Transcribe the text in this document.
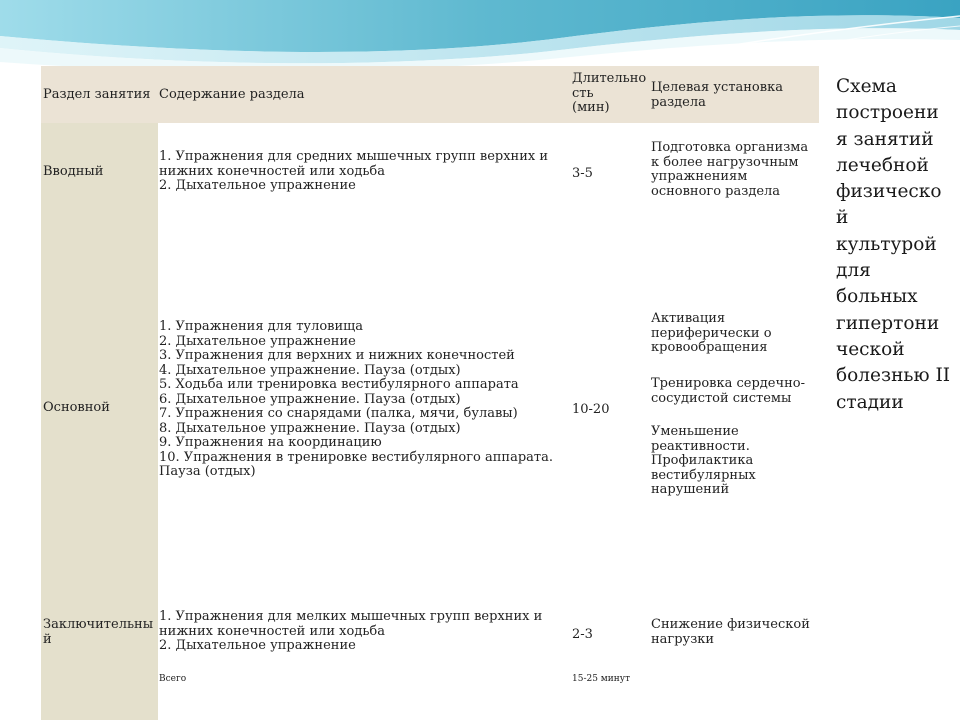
Раздел занятия Содержание раздела
Длительно
сть
(мин)
Целевая установка
раздела
Вводный
1. Упражнения для средних мышечных групп верхних и
нижних конечностей или ходьба
2. Дыхательное упражнение
3-5
Подготовка организма
к более нагрузочным
упражнениям
основного раздела
Основной
1. Упражнения для туловища
2. Дыхательное упражнение
3. Упражнения для верхних и нижних конечностей
4. Дыхательное упражнение. Пауза (отдых)
5. Ходьба или тренировка вестибулярного аппарата
6. Дыхательное упражнение. Пауза (отдых)
7. Упражнения со снарядами (палка, мячи, булавы)
8. Дыхательное упражнение. Пауза (отдых)
9. Упражнения на координацию
10. Упражнения в тренировке вестибулярного аппарата.
Пауза (отдых)
10-20
Активация
периферически о
кровообращения
Тренировка сердечно-
сосудистой системы
Уменьшение
реактивности.
Профилактика
вестибулярных
нарушений
Заключительны
й
1. Упражнения для мелких мышечных групп верхних и
нижних конечностей или ходьба
2. Дыхательное упражнение
2-3
Снижение физической
нагрузки
Всего	15-25 минут
Схема
построени
я занятий
лечебной
физическо
й
культурой
для
больных
гипертони
ческой
болезнью II
стадии
